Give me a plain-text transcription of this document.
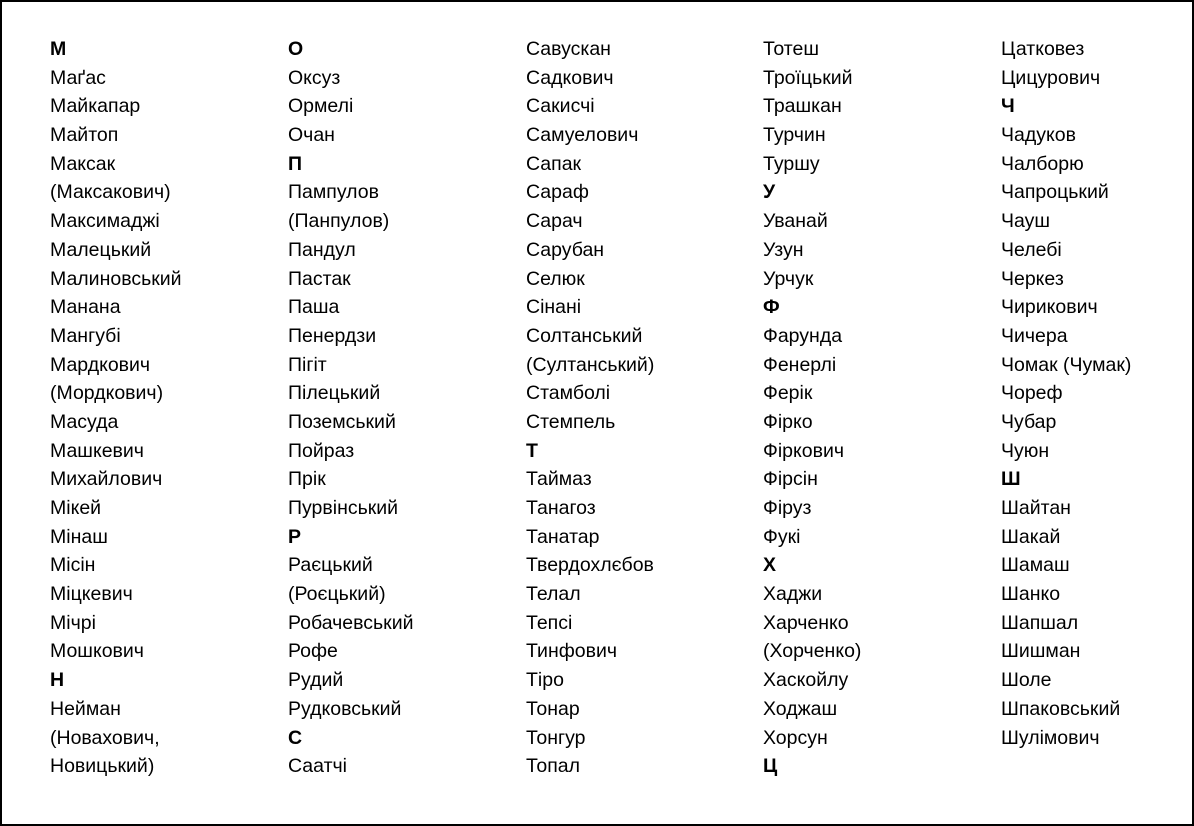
М
Маґас
Майкапар
Майтоп
Максак
(Максакович)
Максимаджі
Малецький
Малиновський
Манана
Мангубі
Мардкович
(Мордкович)
Масуда
Машкевич
Михайлович
Мікей
Мінаш
Місін
Міцкевич
Мічрі
Мошкович
Н
Нейман
(Новахович,
Новицький)
О
Оксуз
Ормелі
Очан
П
Пампулов
(Панпулов)
Пандул
Пастак
Паша
Пенердзи
Пігіт
Пілецький
Поземський
Пойраз
Прік
Пурвінський
Р
Раєцький
(Роєцький)
Робачевський
Рофе
Рудий
Рудковський
С
Саатчі
Савускан
Садкович
Сакисчі
Самуелович
Сапак
Сараф
Сарач
Сарубан
Селюк
Сінані
Солтанський
(Султанський)
Стамболі
Стемпель
Т
Таймаз
Танагоз
Танатар
Твердохлєбов
Телал
Тепсі
Тинфович
Тіро
Тонар
Тонгур
Топал
Тотеш
Троїцький
Трашкан
Турчин
Туршу
У
Уванай
Узун
Урчук
Ф
Фарунда
Фенерлі
Ферік
Фірко
Фіркович
Фірсін
Фіруз
Фукі
Х
Хаджи
Харченко
(Хорченко)
Хаскойлу
Ходжаш
Хорсун
Ц
Цатковез
Цицурович
Ч
Чадуков
Чалборю
Чапроцький
Чауш
Челебі
Черкез
Чирикович
Чичера
Чомак (Чумак)
Чореф
Чубар
Чуюн
Ш
Шайтан
Шакай
Шамаш
Шанко
Шапшал
Шишман
Шоле
Шпаковський
Шулімович
